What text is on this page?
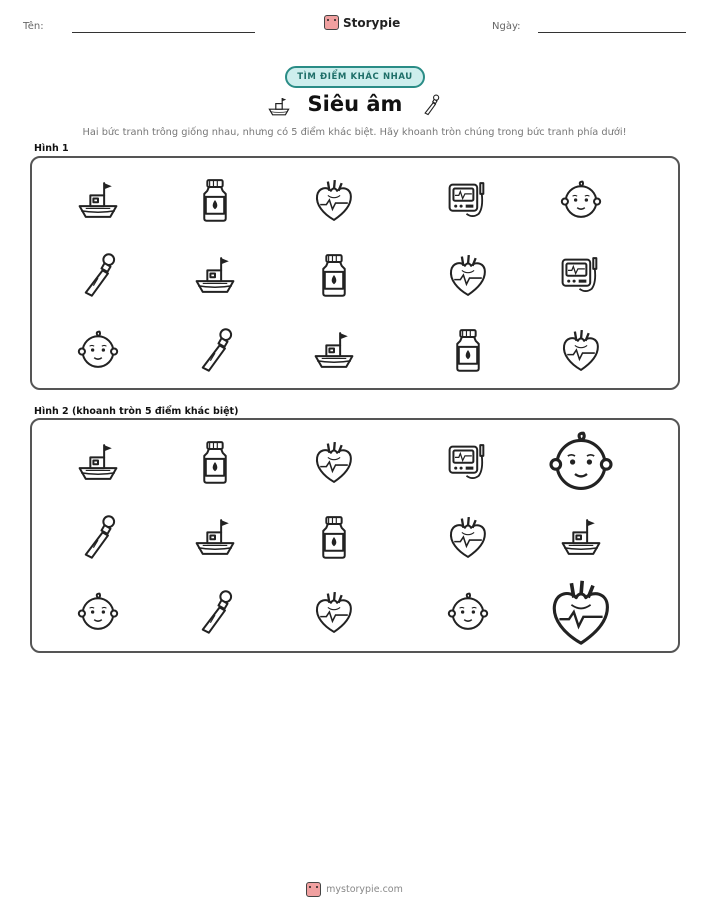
Tên:	Storypie	Ngày:
TÌM ĐIỂM KHÁC NHAU
Siêu âm
Hai bức tranh trông giống nhau, nhưng có 5 điểm khác biệt. Hãy khoanh tròn chúng trong bức tranh phía dưới!
Hình 1
Hình 2 (khoanh tròn 5 điểm khác biệt)
mystorypie.com
